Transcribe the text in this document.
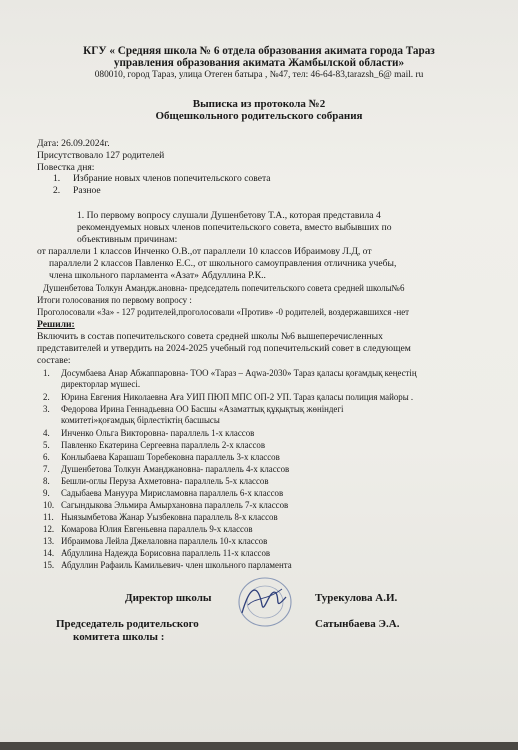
КГУ « Средняя школа № 6 отдела образования акимата города Тараз
управления образования акимата Жамбылской области»
080010, город Тараз, улица Отеген батыра , №47, тел: 46-64-83,tarazsh_6@ mail. ru
Выписка из протокола №2
Общешкольного родительского собрания
Дата: 26.09.2024г.
Присутствовало 127 родителей
Повестка дня:
1. Избрание новых членов попечительского совета
2. Разное
1. По первому вопросу слушали Душенбетову Т.А., которая представила 4
рекомендуемых новых членов попечительского совета, вместо выбывших по
объективным причинам:
от параллели 1 классов Инченко О.В.,от параллели 10 классов Ибраимову Л.Д, от
параллели 2 классов Павленко Е.С., от школьного самоуправления отличника учебы,
члена школьного парламента «Азат» Абдуллина Р.К..
Душенбетова Толкун Амандж.ановна- председатель попечительского совета средней школы№6
Итоги голосования по первому вопросу :
Проголосовали «За» - 127 родителей,проголосовали «Против» -0 родителей, воздержавшихся -нет
Решили:
Включить в состав попечительского совета средней школы №6 вышеперечисленных
представителей и утвердить на 2024-2025 учебный год попечительский совет в следующем
составе:
1. Досумбаева Анар Абжаппаровна- ТОО «Тараз – Aqwa-2030» Тараз қаласы қоғамдық кеңестің
директорлар мүшесі.
2. Юрина Евгения Николаевна Аға УИП ПЮП МПС ОП-2 УП. Тараз қаласы полиция майоры .
3. Федорова Ирина Геннадьевна ОО Басшы «Азаматтық құқықтық жөніндегі
комитеті»қоғамдық бірлестіктің басшысы
4. Инченко Ольга Викторовна- параллель 1-х классов
5. Павленко Екатерина Сергеевна параллель 2-х классов
6. Конлыбаева Карашаш Торебековна параллель 3-х классов
7. Душенбетова Толкун Аманджановна- параллель 4-х классов
8. Бешли-оглы Перуза Ахметовна- параллель 5-х классов
9. Садыбаева Мануура Мирисламовна параллель 6-х классов
10. Сагындыкова Эльмира Амырхановна параллель 7-х классов
11. Ныязымбетова Жанар Уызбековна параллель 8-х классов
12. Комарова Юлия Евгеньевна параллель 9-х классов
13. Ибраимова Лейла Джелаловна параллель 10-х классов
14. Абдуллина Надежда Борисовна параллель 11-х классов
15. Абдуллин Рафаиль Камильевич- член школьного парламента
Директор школы	Турекулова А.И.
Председатель родительского
комитета школы :
Сатынбаева Э.А.
